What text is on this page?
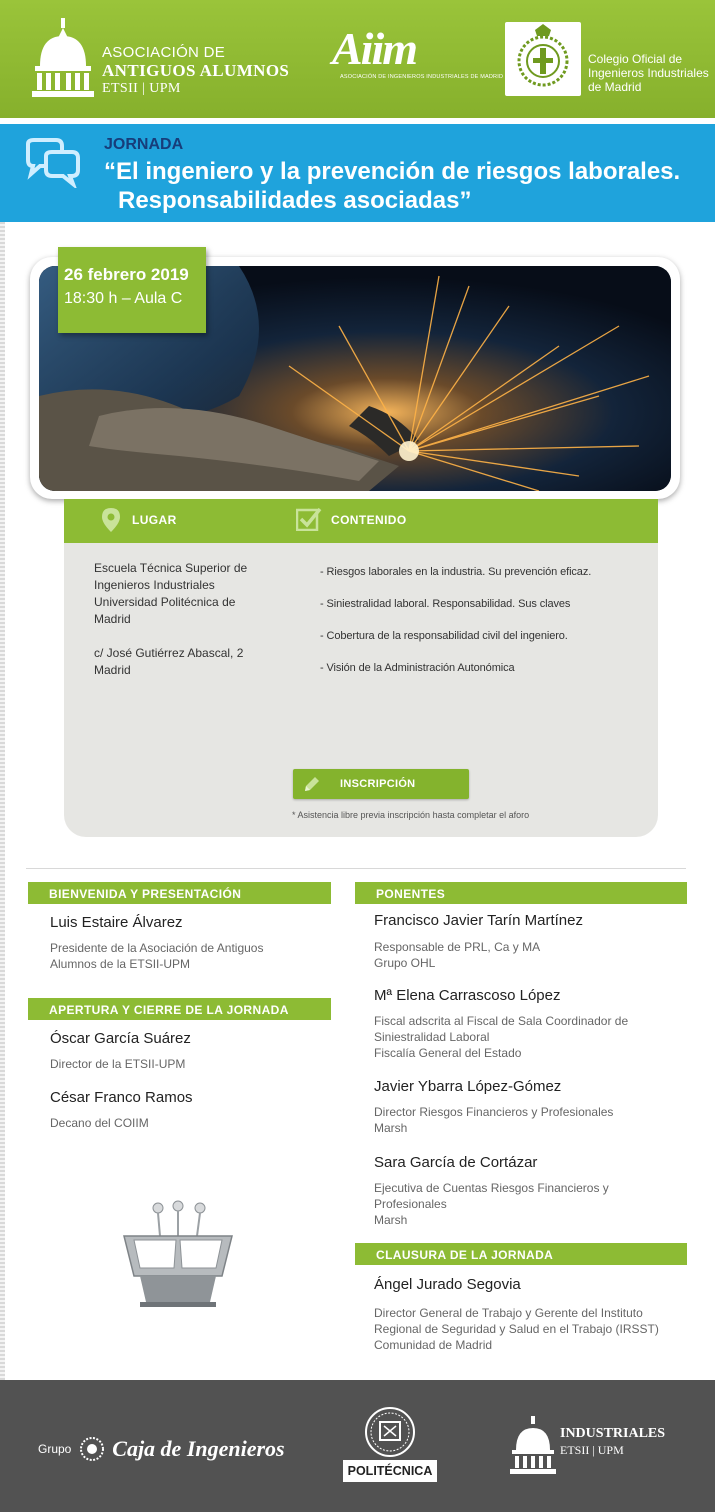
ASOCIACIÓN DE
ANTIGUOS ALUMNOS
ETSII | UPM
Aiim
ASOCIACIÓN DE INGENIEROS INDUSTRIALES DE MADRID
Colegio Oficial de
Ingenieros Industriales
de Madrid
JORNADA
“El ingeniero y la prevención de riesgos laborales.
Responsabilidades asociadas”
26 febrero 2019
18:30 h – Aula C
LUGAR	CONTENIDO

Escuela Técnica Superior de
Ingenieros Industriales
Universidad Politécnica de
Madrid

c/ José Gutiérrez Abascal, 2
Madrid

- Riesgos laborales en la industria. Su prevención eficaz.
- Siniestralidad laboral. Responsabilidad. Sus claves
- Cobertura de la responsabilidad civil del ingeniero.
- Visión de la Administración Autonómica
INSCRIPCIÓN
* Asistencia libre previa inscripción hasta completar el aforo
BIENVENIDA Y PRESENTACIÓN
Luis Estaire Álvarez
Presidente de la Asociación de Antiguos
Alumnos de la ETSII-UPM
APERTURA Y CIERRE DE LA JORNADA
Óscar García Suárez
Director de la ETSII-UPM
César Franco Ramos
Decano del COIIM
PONENTES
Francisco Javier Tarín Martínez
Responsable de PRL, Ca y MA
Grupo OHL
Mª Elena Carrascoso López
Fiscal adscrita al Fiscal de Sala Coordinador de
Siniestralidad Laboral
Fiscalía General del Estado
Javier Ybarra López-Gómez
Director Riesgos Financieros y Profesionales
Marsh
Sara García de Cortázar
Ejecutiva de Cuentas Riesgos Financieros y
Profesionales
Marsh
CLAUSURA DE LA JORNADA
Ángel Jurado Segovia
Director General de Trabajo y Gerente del Instituto
Regional de Seguridad y Salud en el Trabajo (IRSST)
Comunidad de Madrid
Grupo Caja de Ingenieros
POLITÉCNICA
INDUSTRIALES
ETSII | UPM
